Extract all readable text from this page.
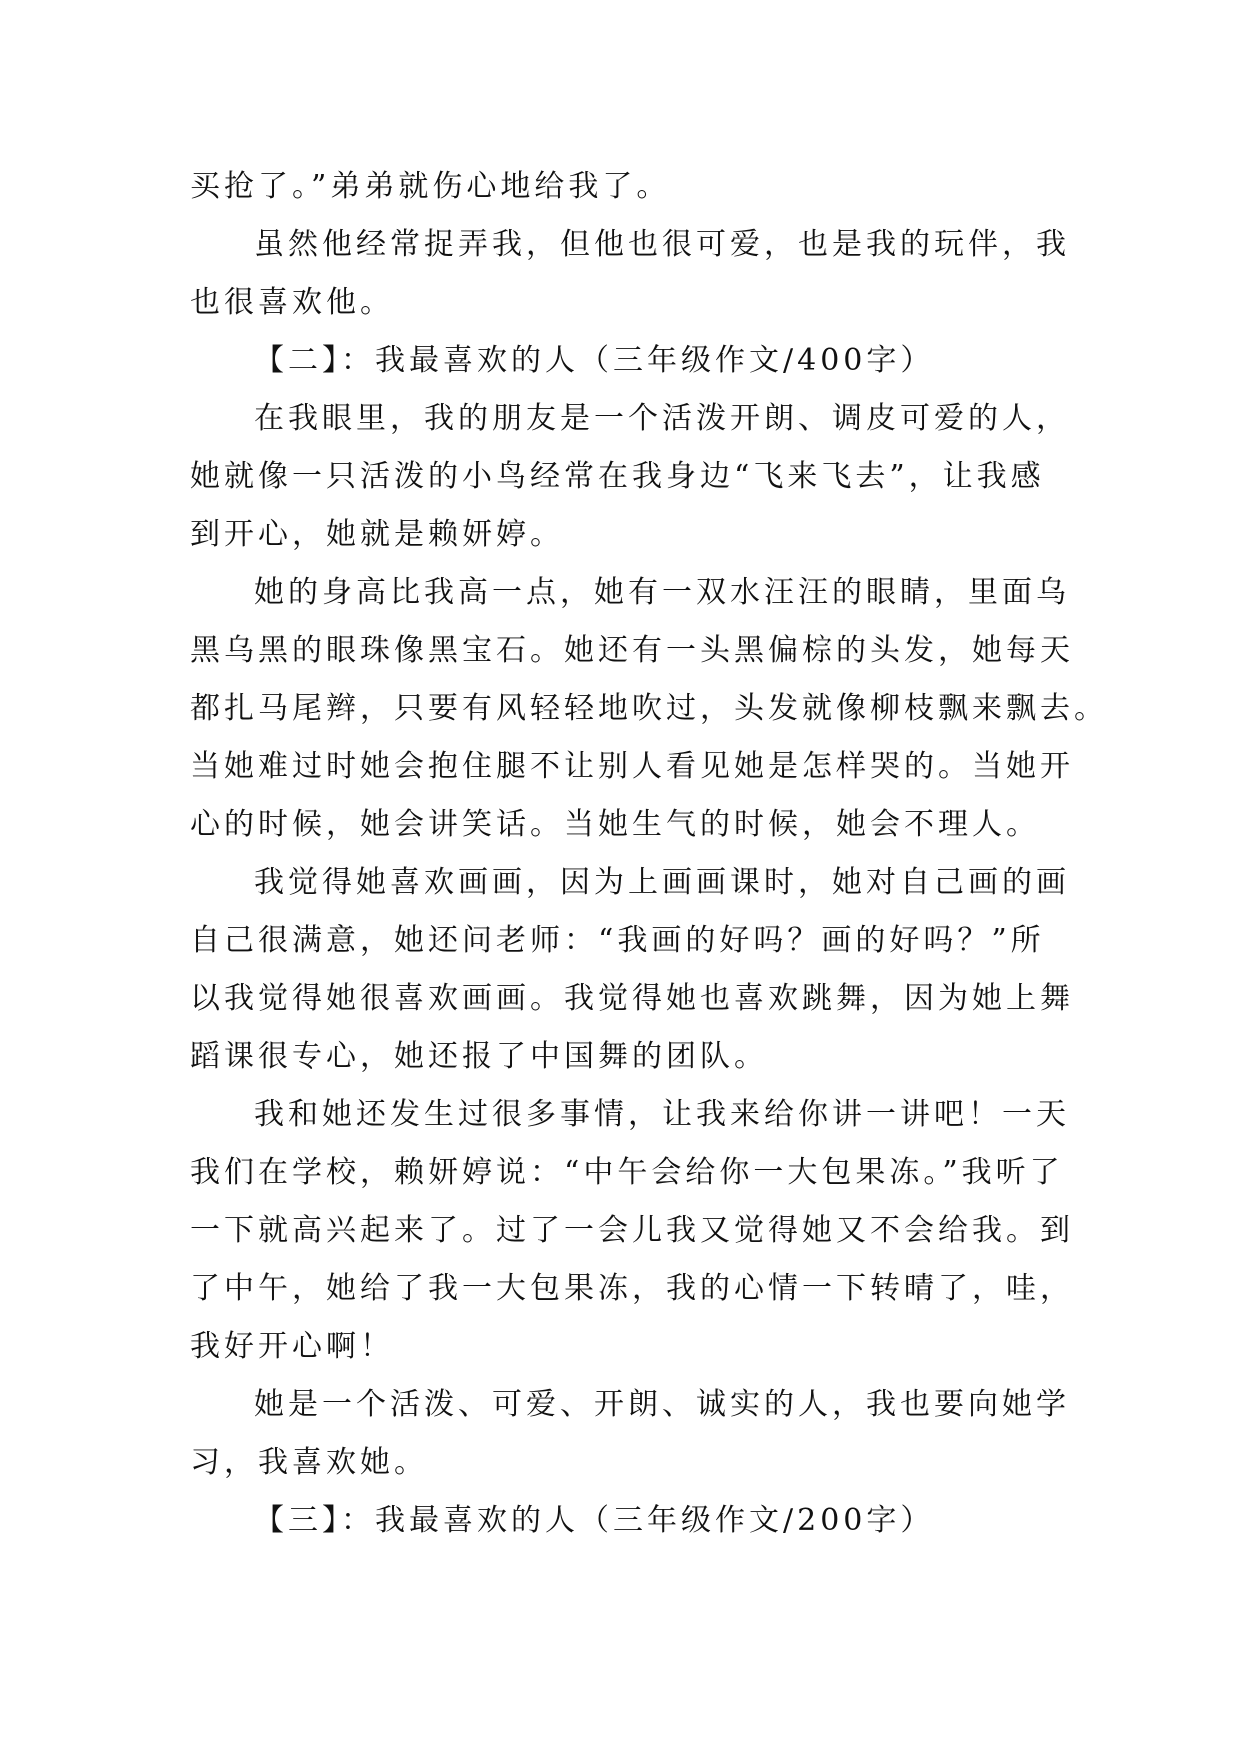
买抢了。”弟弟就伤心地给我了。
虽然他经常捉弄我，但他也很可爱，也是我的玩伴，我
也很喜欢他。
【二】：我最喜欢的人（三年级作文/400字）
在我眼里，我的朋友是一个活泼开朗、调皮可爱的人，
她就像一只活泼的小鸟经常在我身边“飞来飞去”，让我感
到开心，她就是赖妍婷。
她的身高比我高一点，她有一双水汪汪的眼睛，里面乌
黑乌黑的眼珠像黑宝石。她还有一头黑偏棕的头发，她每天
都扎马尾辫，只要有风轻轻地吹过，头发就像柳枝飘来飘去。
当她难过时她会抱住腿不让别人看见她是怎样哭的。当她开
心的时候，她会讲笑话。当她生气的时候，她会不理人。
我觉得她喜欢画画，因为上画画课时，她对自己画的画
自己很满意，她还问老师：“我画的好吗？画的好吗？”所
以我觉得她很喜欢画画。我觉得她也喜欢跳舞，因为她上舞
蹈课很专心，她还报了中国舞的团队。
我和她还发生过很多事情，让我来给你讲一讲吧！一天
我们在学校，赖妍婷说：“中午会给你一大包果冻。”我听了
一下就高兴起来了。过了一会儿我又觉得她又不会给我。到
了中午，她给了我一大包果冻，我的心情一下转晴了，哇，
我好开心啊！
她是一个活泼、可爱、开朗、诚实的人，我也要向她学
习，我喜欢她。
【三】：我最喜欢的人（三年级作文/200字）
